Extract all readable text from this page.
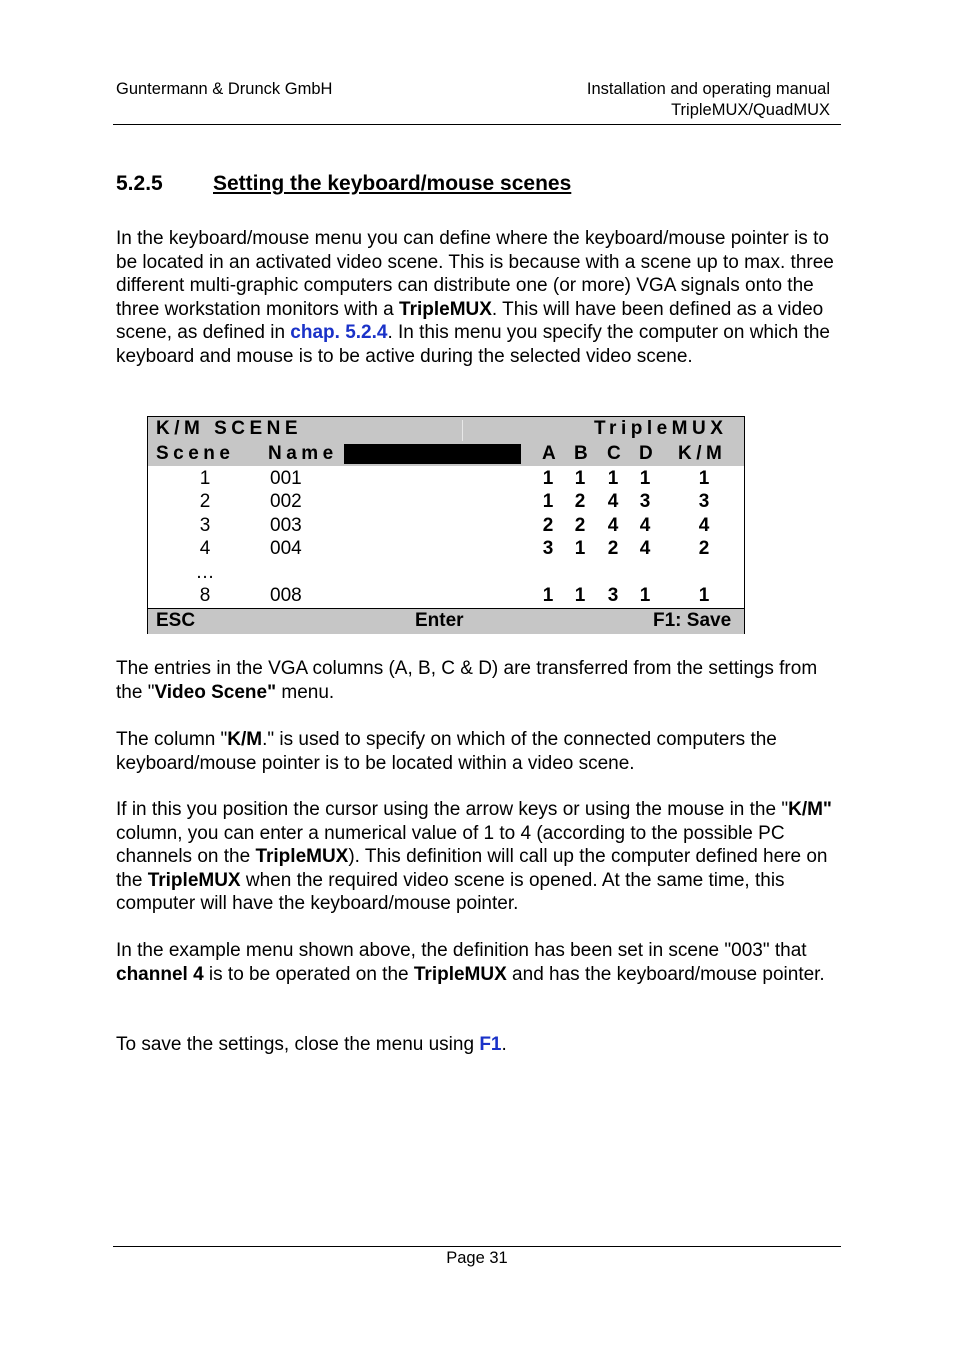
Guntermann & Drunck GmbH	Installation and operating manual
TripleMUX/QuadMUX
5.2.5 Setting the keyboard/mouse scenes
In the keyboard/mouse menu you can define where the keyboard/mouse pointer is to be located in an activated video scene. This is because with a scene up to max. three different multi-graphic computers can distribute one (or more) VGA signals onto the three workstation monitors with a TripleMUX. This will have been defined as a video scene, as defined in chap. 5.2.4. In this menu you specify the computer on which the keyboard and mouse is to be active during the selected video scene.
K/M SCENE	TripleMUX
Scene Name	A B C D K/M
1	001	1	1	1	1	1
2	002	1	2	4	3	3
3	003	2	2	4	4	4
4	004	3	1	2	4	2
…
8	008	1	1	3	1	1
ESC	Enter	F1: Save
The entries in the VGA columns (A, B, C & D) are transferred from the settings from the "Video Scene" menu.
The column "K/M." is used to specify on which of the connected computers the keyboard/mouse pointer is to be located within a video scene.
If in this you position the cursor using the arrow keys or using the mouse in the "K/M" column, you can enter a numerical value of 1 to 4 (according to the possible PC channels on the TripleMUX). This definition will call up the computer defined here on the TripleMUX when the required video scene is opened. At the same time, this computer will have the keyboard/mouse pointer.
In the example menu shown above, the definition has been set in scene "003" that channel 4 is to be operated on the TripleMUX and has the keyboard/mouse pointer.
To save the settings, close the menu using F1.
Page 31
